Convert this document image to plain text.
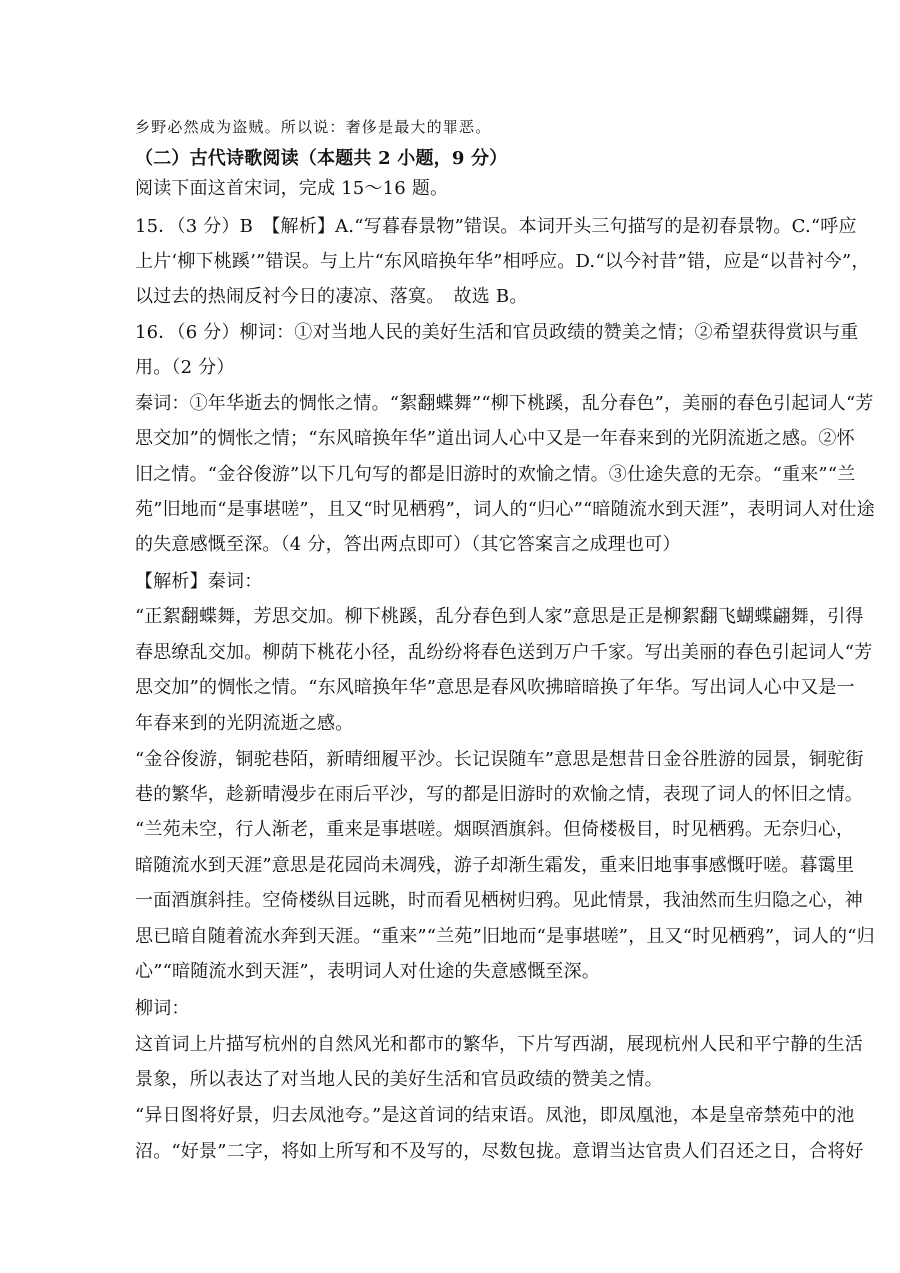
乡野必然成为盗贼。所以说：奢侈是最大的罪恶。
（二）古代诗歌阅读（本题共 2 小题，9 分）
阅读下面这首宋词，完成 15～16 题。
15．（3 分）B　【解析】A.“写暮春景物”错误。本词开头三句描写的是初春景物。C.“呼应
上片‘柳下桃蹊’”错误。与上片“东风暗换年华”相呼应。D.“以今衬昔”错，应是“以昔衬今”，
以过去的热闹反衬今日的凄凉、落寞。　故选 B。
16．（6 分）柳词：①对当地人民的美好生活和官员政绩的赞美之情；②希望获得赏识与重
用。（2 分）
秦词：①年华逝去的惆怅之情。“絮翻蝶舞”“柳下桃蹊，乱分春色”，美丽的春色引起词人“芳
思交加”的惆怅之情；“东风暗换年华”道出词人心中又是一年春来到的光阴流逝之感。②怀
旧之情。“金谷俊游”以下几句写的都是旧游时的欢愉之情。③仕途失意的无奈。“重来”“兰
苑”旧地而“是事堪嗟”，且又“时见栖鸦”，词人的“归心”“暗随流水到天涯”，表明词人对仕途
的失意感慨至深。（4 分，答出两点即可）（其它答案言之成理也可）
【解析】秦词：
“正絮翻蝶舞，芳思交加。柳下桃蹊，乱分春色到人家”意思是正是柳絮翻飞蝴蝶翩舞，引得
春思缭乱交加。柳荫下桃花小径，乱纷纷将春色送到万户千家。写出美丽的春色引起词人“芳
思交加”的惆怅之情。“东风暗换年华”意思是春风吹拂暗暗换了年华。写出词人心中又是一
年春来到的光阴流逝之感。
“金谷俊游，铜驼巷陌，新晴细履平沙。长记误随车”意思是想昔日金谷胜游的园景，铜驼街
巷的繁华，趁新晴漫步在雨后平沙，写的都是旧游时的欢愉之情，表现了词人的怀旧之情。
“兰苑未空，行人渐老，重来是事堪嗟。烟暝酒旗斜。但倚楼极目，时见栖鸦。无奈归心，
暗随流水到天涯”意思是花园尚未凋残，游子却渐生霜发，重来旧地事事感慨吁嗟。暮霭里
一面酒旗斜挂。空倚楼纵目远眺，时而看见栖树归鸦。见此情景，我油然而生归隐之心，神
思已暗自随着流水奔到天涯。“重来”“兰苑”旧地而“是事堪嗟”，且又“时见栖鸦”，词人的“归
心”“暗随流水到天涯”，表明词人对仕途的失意感慨至深。
柳词：
这首词上片描写杭州的自然风光和都市的繁华，下片写西湖，展现杭州人民和平宁静的生活
景象，所以表达了对当地人民的美好生活和官员政绩的赞美之情。
“异日图将好景，归去凤池夸。”是这首词的结束语。凤池，即凤凰池，本是皇帝禁苑中的池
沼。“好景”二字，将如上所写和不及写的，尽数包拢。意谓当达官贵人们召还之日，合将好
